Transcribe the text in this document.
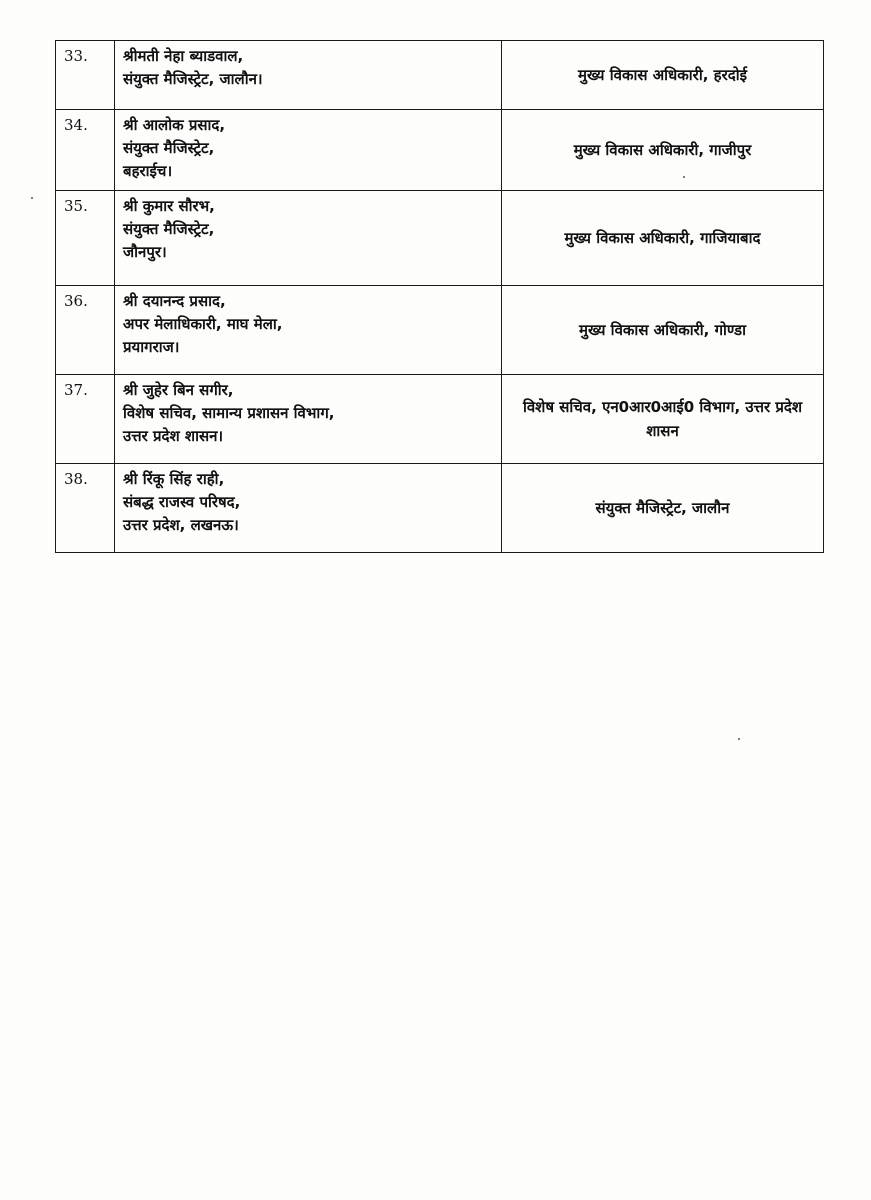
33.	श्रीमती नेहा ब्याडवाल,
संयुक्त मैजिस्ट्रेट, जालौन।	मुख्य विकास अधिकारी, हरदोई
34.	श्री आलोक प्रसाद,
संयुक्त मैजिस्ट्रेट,
बहराईच।	मुख्य विकास अधिकारी, गाजीपुर
35.	श्री कुमार सौरभ,
संयुक्त मैजिस्ट्रेट,
जौनपुर।	मुख्य विकास अधिकारी, गाजियाबाद
36.	श्री दयानन्द प्रसाद,
अपर मेलाधिकारी, माघ मेला,
प्रयागराज।	मुख्य विकास अधिकारी, गोण्डा
37.	श्री जुहेर बिन सगीर,
विशेष सचिव, सामान्य प्रशासन विभाग,
उत्तर प्रदेश शासन।	विशेष सचिव, एन0आर0आई0 विभाग, उत्तर प्रदेश शासन
38.	श्री रिंकू सिंह राही,
संबद्ध राजस्व परिषद,
उत्तर प्रदेश, लखनऊ।	संयुक्त मैजिस्ट्रेट, जालौन
